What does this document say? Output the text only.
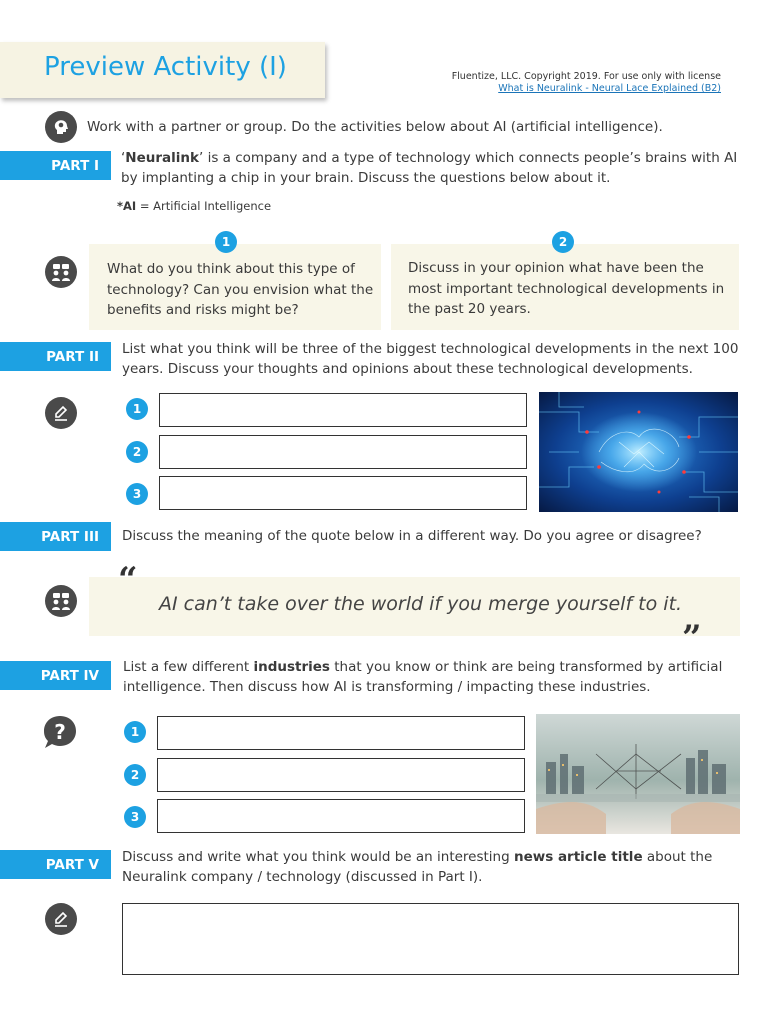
Preview Activity (I)	Fluentize, LLC. Copyright 2019. For use only with license
What is Neuralink - Neural Lace Explained (B2)
Work with a partner or group. Do the activities below about AI (artificial intelligence).
PART I	‘Neuralink’ is a company and a type of technology which connects people’s brains with AI by implanting a chip in your brain. Discuss the questions below about it.
*AI = Artificial Intelligence
1
What do you think about this type of technology? Can you envision what the benefits and risks might be?
2
Discuss in your opinion what have been the most important technological developments in the past 20 years.
PART II	List what you think will be three of the biggest technological developments in the next 100 years. Discuss your thoughts and opinions about these technological developments.
1
2
3
PART III	Discuss the meaning of the quote below in a different way. Do you agree or disagree?
“
AI can’t take over the world if you merge yourself to it.
”
PART IV
List a few different industries that you know or think are being transformed by artificial intelligence. Then discuss how AI is transforming / impacting these industries.
?	1
2
3
PART V	Discuss and write what you think would be an interesting news article title about the Neuralink company / technology (discussed in Part I).
